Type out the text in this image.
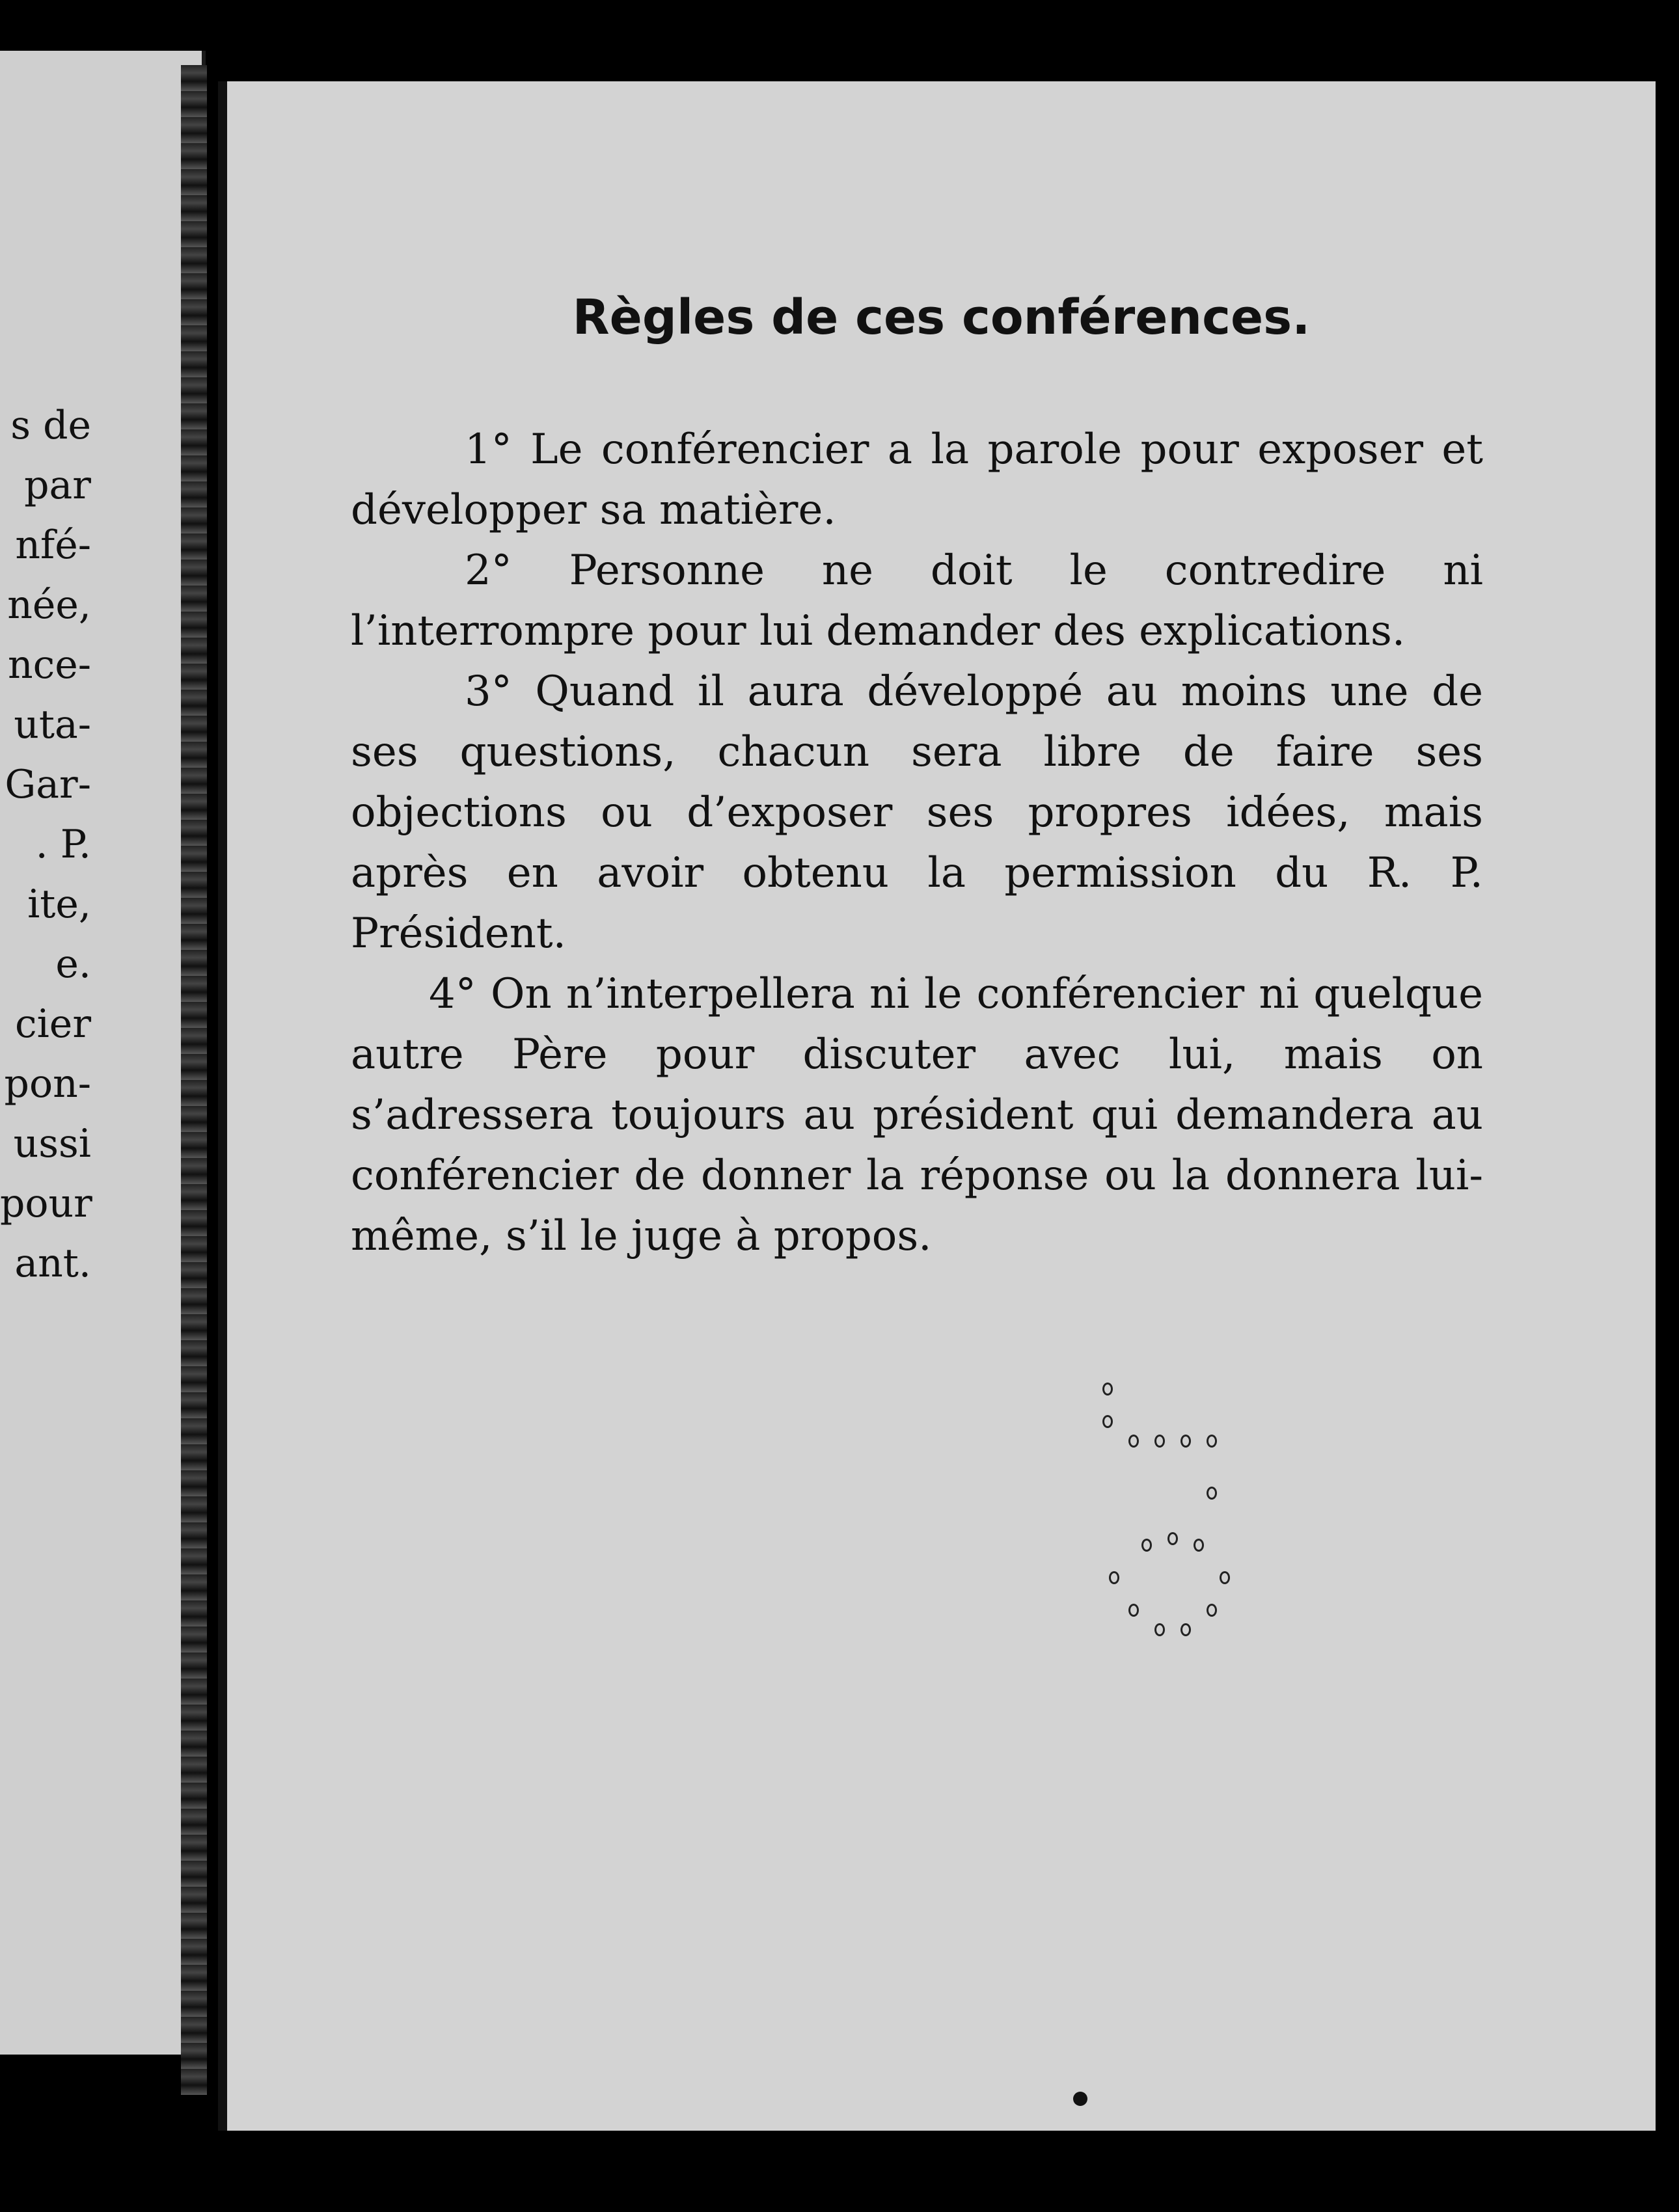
s de
par
nfé-
née,
nce-
uta-
Gar-
. P.
ite,
e.
cier
pon-
ussi
pour
ant.
Règles de ces conférences.

1° Le conférencier a la parole pour exposer et développer sa matière.

2° Personne ne doit le contredire ni l’interrompre pour lui demander des explications.

3° Quand il aura développé au moins une de ses questions, chacun sera libre de faire ses objections ou d’exposer ses propres idées, mais après en avoir obtenu la permission du R. P. Président.

4° On n’interpellera ni le conférencier ni quelque autre Père pour discuter avec lui, mais on s’adressera toujours au président qui demandera au conférencier de donner la réponse ou la donnera lui-même, s’il le juge à propos.
